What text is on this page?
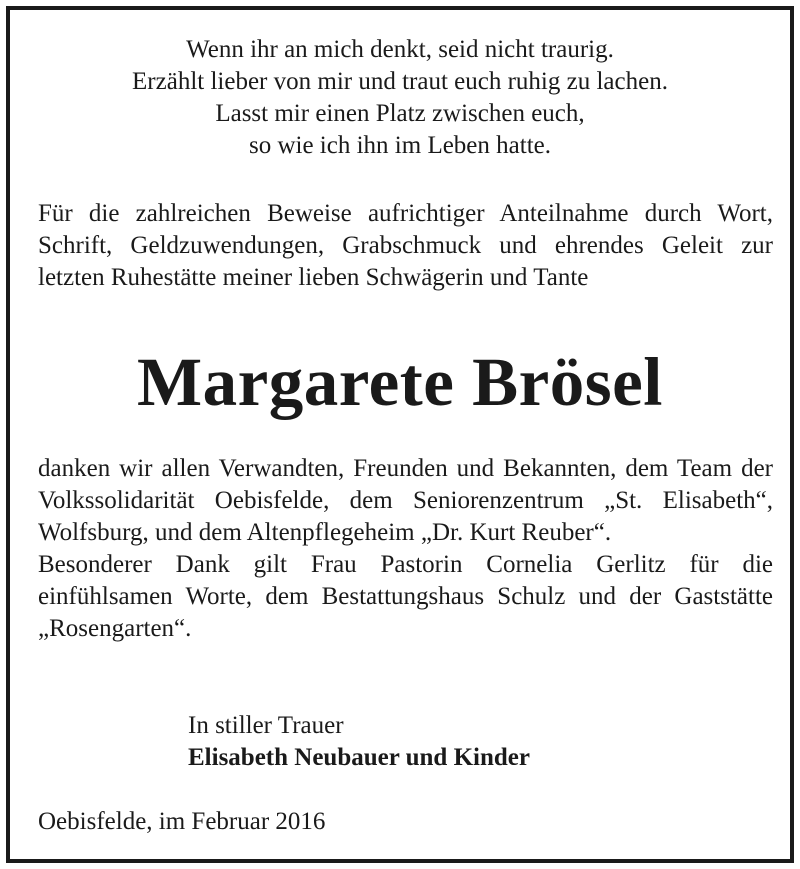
Wenn ihr an mich denkt, seid nicht traurig.
Erzählt lieber von mir und traut euch ruhig zu lachen.
Lasst mir einen Platz zwischen euch,
so wie ich ihn im Leben hatte.
Für die zahlreichen Beweise aufrichtiger Anteilnahme durch Wort, Schrift, Geldzuwendungen, Grabschmuck und ehrendes Geleit zur letzten Ruhestätte meiner lieben Schwägerin und Tante
Margarete Brösel
danken wir allen Verwandten, Freunden und Bekannten, dem Team der Volkssolidarität Oebisfelde, dem Seniorenzentrum „St. Elisabeth“, Wolfsburg, und dem Altenpflegeheim „Dr. Kurt Reuber“.
Besonderer Dank gilt Frau Pastorin Cornelia Gerlitz für die einfühlsamen Worte, dem Bestattungshaus Schulz und der Gaststätte „Rosengarten“.
In stiller Trauer
Elisabeth Neubauer und Kinder
Oebisfelde, im Februar 2016
